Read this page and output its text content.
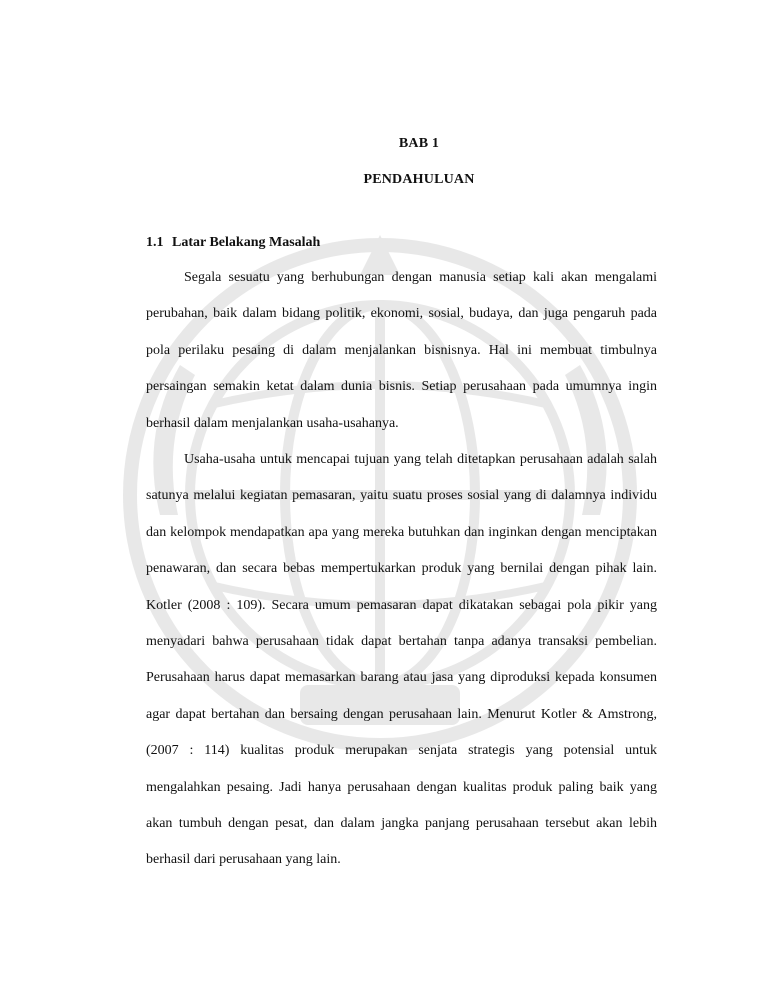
BAB 1
PENDAHULUAN
1.1 Latar Belakang Masalah

Segala sesuatu yang berhubungan dengan manusia setiap kali akan mengalami perubahan, baik dalam bidang politik, ekonomi, sosial, budaya, dan juga pengaruh pada pola perilaku pesaing di dalam menjalankan bisnisnya. Hal ini membuat timbulnya persaingan semakin ketat dalam dunia bisnis. Setiap perusahaan pada umumnya ingin berhasil dalam menjalankan usaha-usahanya.

Usaha-usaha untuk mencapai tujuan yang telah ditetapkan perusahaan adalah salah satunya melalui kegiatan pemasaran, yaitu suatu proses sosial yang di dalamnya individu dan kelompok mendapatkan apa yang mereka butuhkan dan inginkan dengan menciptakan penawaran, dan secara bebas mempertukarkan produk yang bernilai dengan pihak lain. Kotler (2008 : 109). Secara umum pemasaran dapat dikatakan sebagai pola pikir yang menyadari bahwa perusahaan tidak dapat bertahan tanpa adanya transaksi pembelian. Perusahaan harus dapat memasarkan barang atau jasa yang diproduksi kepada konsumen agar dapat bertahan dan bersaing dengan perusahaan lain. Menurut Kotler & Amstrong, (2007 : 114) kualitas produk merupakan senjata strategis yang potensial untuk mengalahkan pesaing. Jadi hanya perusahaan dengan kualitas produk paling baik yang akan tumbuh dengan pesat, dan dalam jangka panjang perusahaan tersebut akan lebih berhasil dari perusahaan yang lain.
